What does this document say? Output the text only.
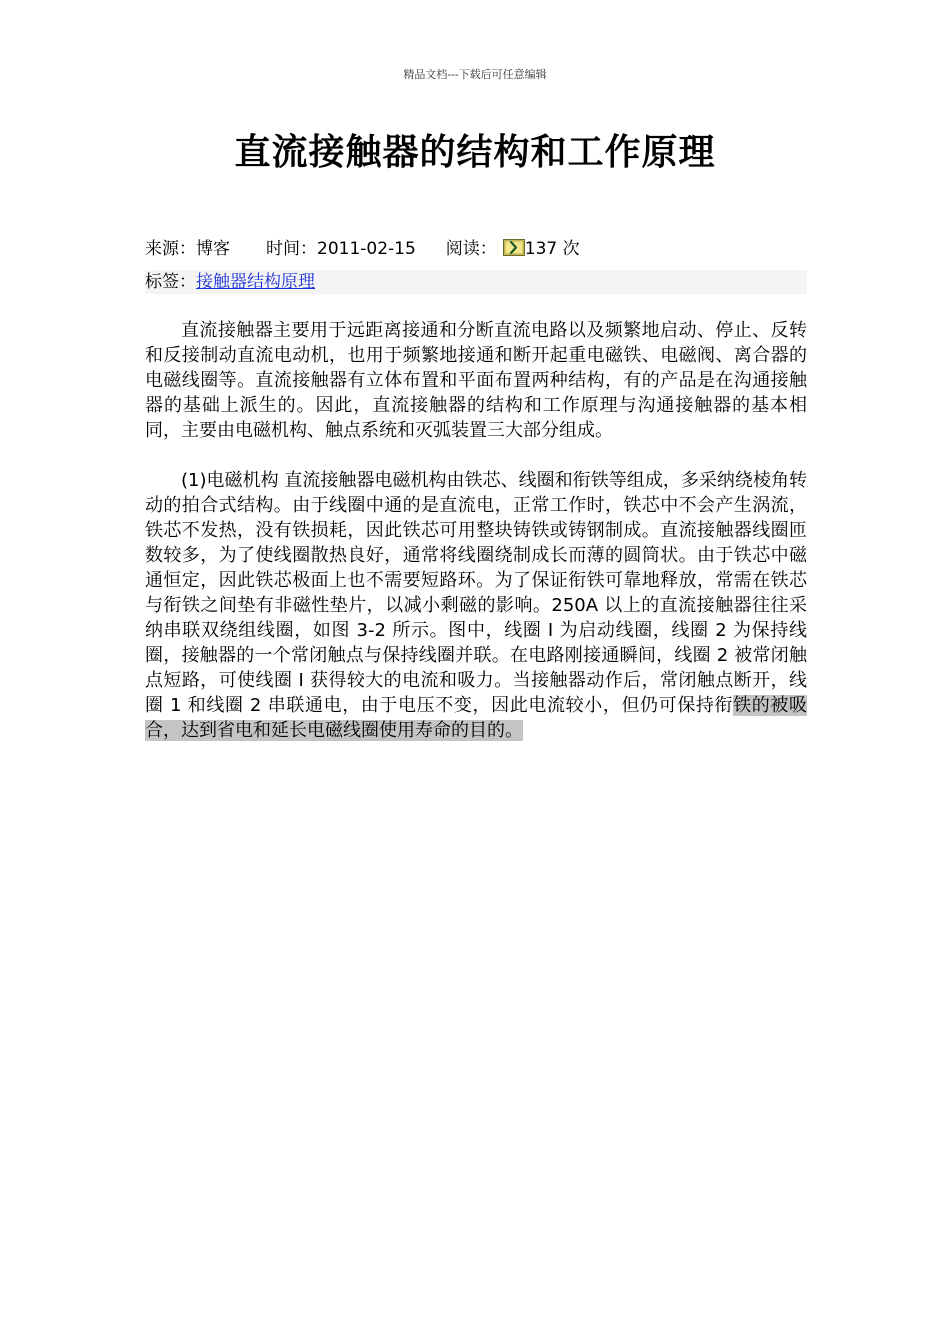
精品文档---下载后可任意编辑
直流接触器的结构和工作原理
来源：博客 时间：2011-02-15 阅读： 137 次
标签：接触器结构原理

直流接触器主要用于远距离接通和分断直流电路以及频繁地启动、停止、反转和反接制动直流电动机，也用于频繁地接通和断开起重电磁铁、电磁阀、离合器的电磁线圈等。直流接触器有立体布置和平面布置两种结构，有的产品是在沟通接触器的基础上派生的。因此，直流接触器的结构和工作原理与沟通接触器的基本相同，主要由电磁机构、触点系统和灭弧装置三大部分组成。

(1)电磁机构 直流接触器电磁机构由铁芯、线圈和衔铁等组成，多采纳绕棱角转动的拍合式结构。由于线圈中通的是直流电，正常工作时，铁芯中不会产生涡流，铁芯不发热，没有铁损耗，因此铁芯可用整块铸铁或铸钢制成。直流接触器线圈匝数较多，为了使线圈散热良好，通常将线圈绕制成长而薄的圆筒状。由于铁芯中磁通恒定，因此铁芯极面上也不需要短路环。为了保证衔铁可靠地释放，常需在铁芯与衔铁之间垫有非磁性垫片，以减小剩磁的影响。250A 以上的直流接触器往往采纳串联双绕组线圈，如图 3-2 所示。图中，线圈 I 为启动线圈，线圈 2 为保持线圈，接触器的一个常闭触点与保持线圈并联。在电路刚接通瞬间，线圈 2 被常闭触点短路，可使线圈 I 获得较大的电流和吸力。当接触器动作后，常闭触点断开，线圈 1 和线圈 2 串联通电，由于电压不变，因此电流较小，但仍可保持衔铁的被吸合，达到省电和延长电磁线圈使用寿命的目的。
